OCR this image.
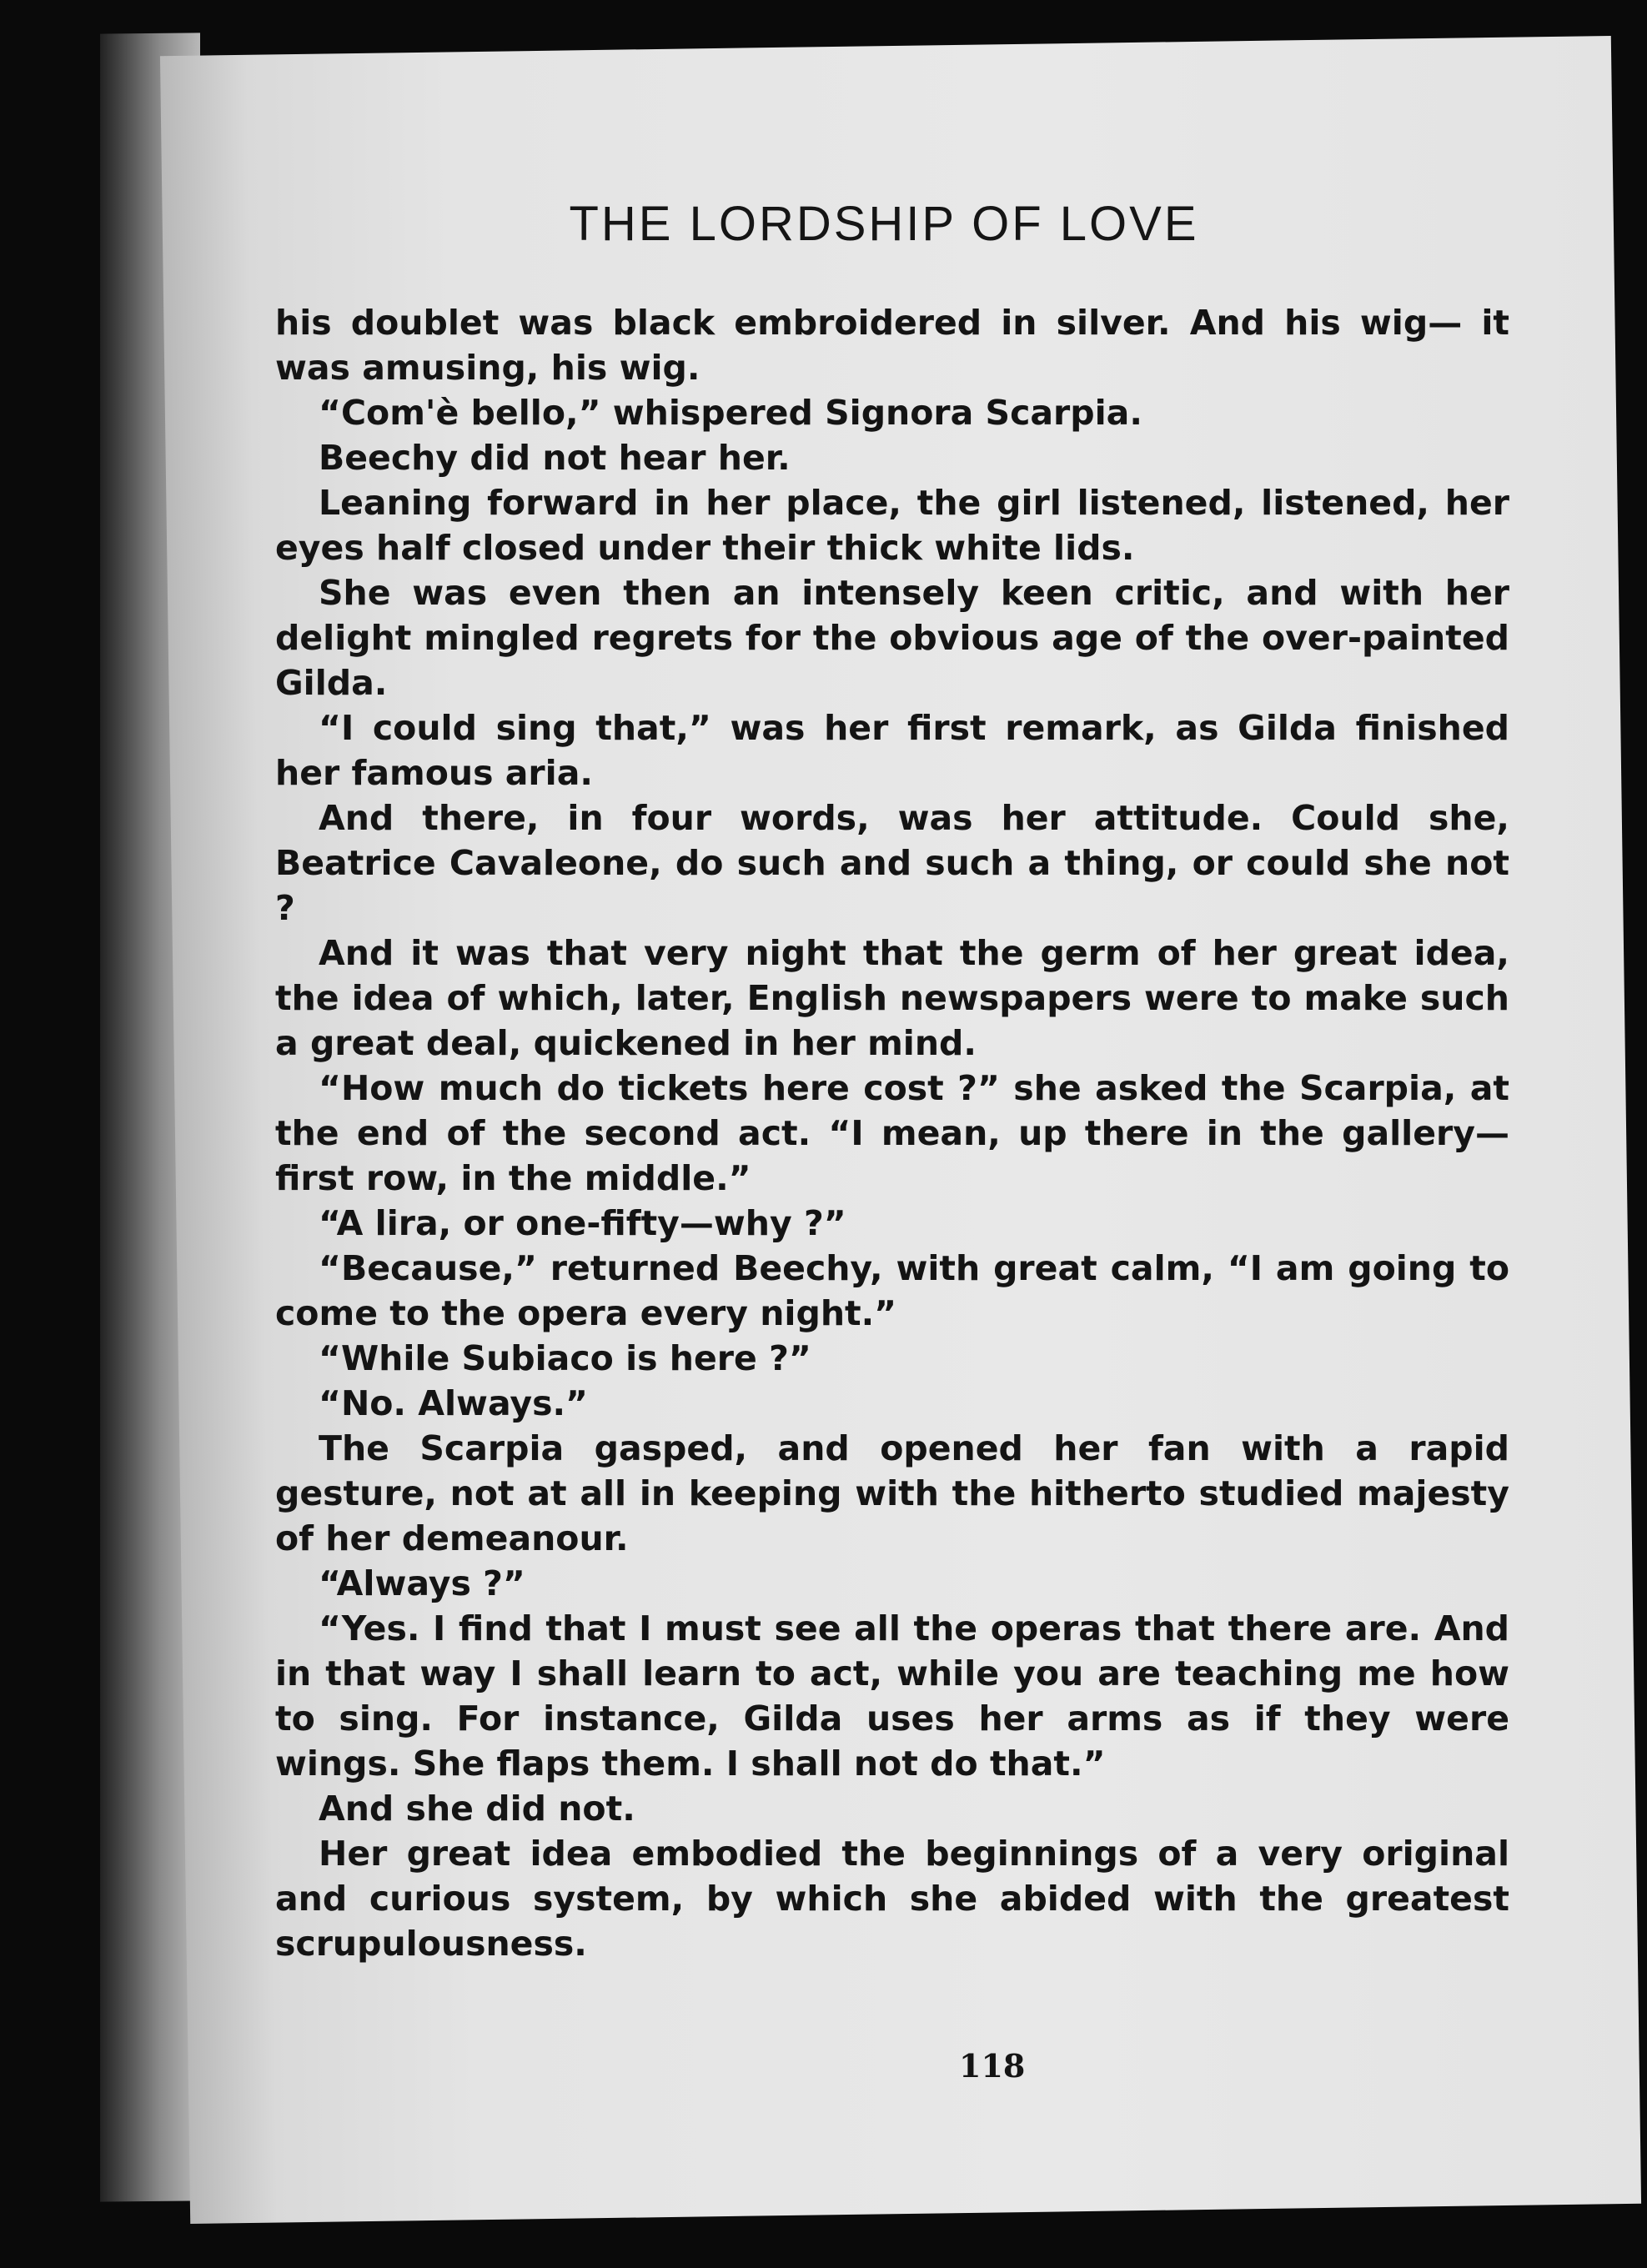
THE LORDSHIP OF LOVE

his doublet was black embroidered in silver. And his wig— it was amusing, his wig.

“Com'è bello,” whispered Signora Scarpia.

Beechy did not hear her.

Leaning forward in her place, the girl listened, listened, her eyes half closed under their thick white lids.

She was even then an intensely keen critic, and with her delight mingled regrets for the obvious age of the over-painted Gilda.

“I could sing that,” was her first remark, as Gilda finished her famous aria.

And there, in four words, was her attitude. Could she, Beatrice Cavaleone, do such and such a thing, or could she not ?

And it was that very night that the germ of her great idea, the idea of which, later, English newspapers were to make such a great deal, quickened in her mind.

“How much do tickets here cost ?” she asked the Scarpia, at the end of the second act. “I mean, up there in the gallery—first row, in the middle.”

“A lira, or one-fifty—why ?”

“Because,” returned Beechy, with great calm, “I am going to come to the opera every night.”

“While Subiaco is here ?”

“No. Always.”

The Scarpia gasped, and opened her fan with a rapid gesture, not at all in keeping with the hitherto studied majesty of her demeanour.

“Always ?”

“Yes. I find that I must see all the operas that there are. And in that way I shall learn to act, while you are teaching me how to sing. For instance, Gilda uses her arms as if they were wings. She flaps them. I shall not do that.”

And she did not.

Her great idea embodied the beginnings of a very original and curious system, by which she abided with the greatest scrupulousness.

118
